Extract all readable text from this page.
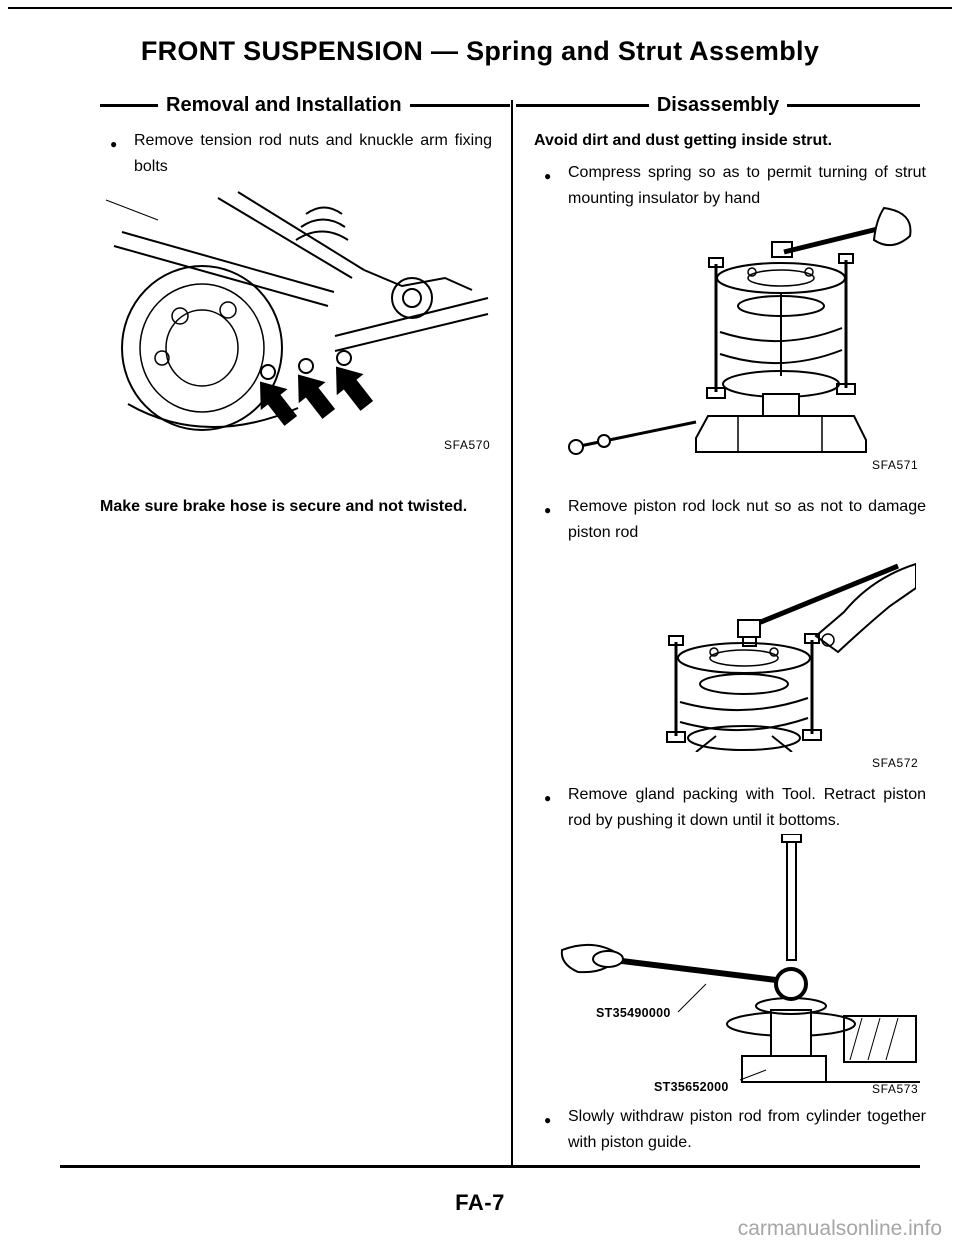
FRONT SUSPENSION — Spring and Strut Assembly
Removal and Installation	Disassembly
●	Remove tension rod nuts and knuckle arm fixing bolts
SFA570
Make sure brake hose is secure and not twisted.
Avoid dirt and dust getting inside strut.
●	Compress spring so as to permit turning of strut mounting insulator by hand
SFA571
●	Remove piston rod lock nut so as not to damage piston rod
SFA572
●	Remove gland packing with Tool. Retract piston rod by pushing it down until it bottoms.
ST35490000
ST35652000	SFA573
●	Slowly withdraw piston rod from cylinder together with piston guide.
FA-7
carmanualsonline.info
